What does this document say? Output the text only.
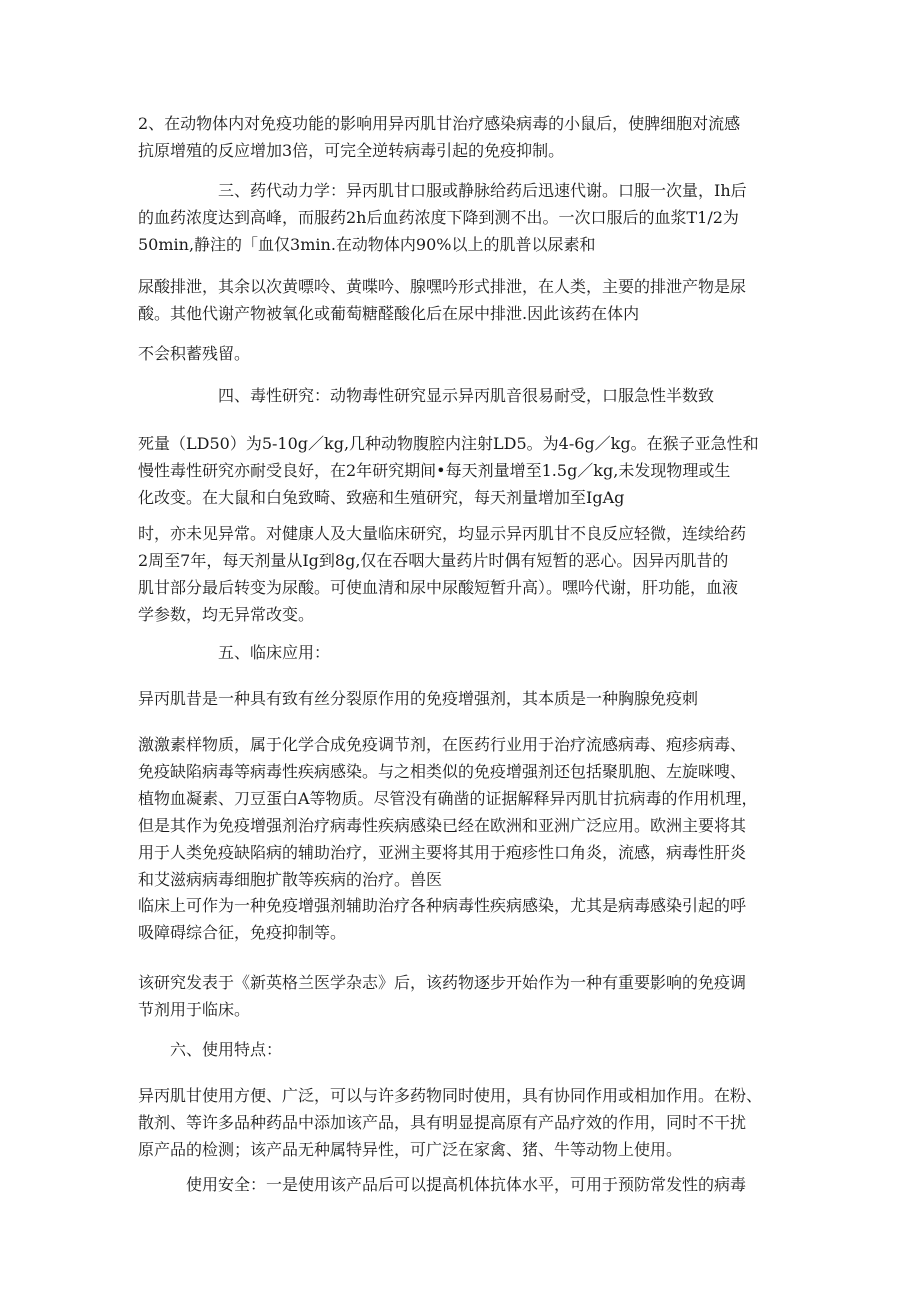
2、在动物体内对免疫功能的影响用异丙肌甘治疗感染病毒的小鼠后，使脾细胞对流感
抗原增殖的反应增加3倍，可完全逆转病毒引起的免疫抑制。

三、药代动力学：异丙肌甘口服或静脉给药后迅速代谢。口服一次量，Ih后
的血药浓度达到高峰，而服药2h后血药浓度下降到测不出。一次口服后的血浆T1/2为
50min,静注的「血仅3min.在动物体内90%以上的肌普以尿素和

尿酸排泄，其余以次黄嘌呤、黄喋吟、腺嘿吟形式排泄，在人类，主要的排泄产物是尿
酸。其他代谢产物被氧化或葡萄糖醛酸化后在尿中排泄.因此该药在体内

不会积蓄残留。

四、毒性研究：动物毒性研究显示异丙肌音很易耐受，口服急性半数致

死量（LD50）为5-10g／kg,几种动物腹腔内注射LD5。为4-6g／kg。在猴子亚急性和
慢性毒性研究亦耐受良好，在2年研究期间•每天剂量增至1.5g／kg,未发现物理或生
化改变。在大鼠和白兔致畸、致癌和生殖研究，每天剂量增加至IgAg

时，亦未见异常。对健康人及大量临床研究，均显示异丙肌甘不良反应轻微，连续给药
2周至7年，每天剂量从Ig到8g,仅在吞咽大量药片时偶有短暂的恶心。因异丙肌昔的
肌甘部分最后转变为尿酸。可使血清和尿中尿酸短暂升高）。嘿吟代谢，肝功能，血液
学参数，均无异常改变。

五、临床应用：

异丙肌昔是一种具有致有丝分裂原作用的免疫增强剂，其本质是一种胸腺免疫刺

激激素样物质，属于化学合成免疫调节剂，在医药行业用于治疗流感病毒、疱疹病毒、
免疫缺陷病毒等病毒性疾病感染。与之相类似的免疫增强剂还包括聚肌胞、左旋咪嗖、
植物血凝素、刀豆蛋白A等物质。尽管没有确凿的证据解释异丙肌甘抗病毒的作用机理，
但是其作为免疫增强剂治疗病毒性疾病感染已经在欧洲和亚洲广泛应用。欧洲主要将其
用于人类免疫缺陷病的辅助治疗，亚洲主要将其用于疱疹性口角炎，流感，病毒性肝炎
和艾滋病病毒细胞扩散等疾病的治疗。兽医

临床上可作为一种免疫增强剂辅助治疗各种病毒性疾病感染，尤其是病毒感染引起的呼
吸障碍综合征，免疫抑制等。

该研究发表于《新英格兰医学杂志》后，该药物逐步开始作为一种有重要影响的免疫调
节剂用于临床。

六、使用特点：

异丙肌甘使用方便、广泛，可以与许多药物同时使用，具有协同作用或相加作用。在粉、
散剂、等许多品种药品中添加该产品，具有明显提高原有产品疗效的作用，同时不干扰
原产品的检测；该产品无种属特异性，可广泛在家禽、猪、牛等动物上使用。

使用安全：一是使用该产品后可以提高机体抗体水平，可用于预防常发性的病毒
